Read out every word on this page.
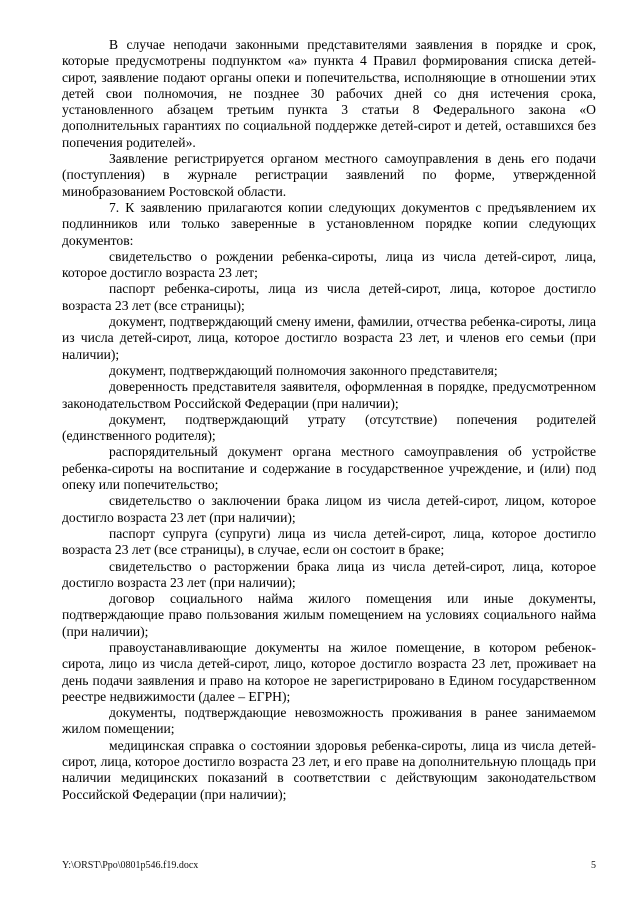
В случае неподачи законными представителями заявления в порядке и срок, которые предусмотрены подпунктом «а» пункта 4 Правил формирования списка детей-сирот, заявление подают органы опеки и попечительства, исполняющие в отношении этих детей свои полномочия, не позднее 30 рабочих дней со дня истечения срока, установленного абзацем третьим пункта 3 статьи 8 Федерального закона «О дополнительных гарантиях по социальной поддержке детей-сирот и детей, оставшихся без попечения родителей».

Заявление регистрируется органом местного самоуправления в день его подачи (поступления) в журнале регистрации заявлений по форме, утвержденной минобразованием Ростовской области.

7. К заявлению прилагаются копии следующих документов с предъявлением их подлинников или только заверенные в установленном порядке копии следующих документов:

свидетельство о рождении ребенка-сироты, лица из числа детей-сирот, лица, которое достигло возраста 23 лет;

паспорт ребенка-сироты, лица из числа детей-сирот, лица, которое достигло возраста 23 лет (все страницы);

документ, подтверждающий смену имени, фамилии, отчества ребенка-сироты, лица из числа детей-сирот, лица, которое достигло возраста 23 лет, и членов его семьи (при наличии);

документ, подтверждающий полномочия законного представителя;

доверенность представителя заявителя, оформленная в порядке, предусмотренном законодательством Российской Федерации (при наличии);

документ, подтверждающий утрату (отсутствие) попечения родителей (единственного родителя);

распорядительный документ органа местного самоуправления об устройстве ребенка-сироты на воспитание и содержание в государственное учреждение, и (или) под опеку или попечительство;

свидетельство о заключении брака лицом из числа детей-сирот, лицом, которое достигло возраста 23 лет (при наличии);

паспорт супруга (супруги) лица из числа детей-сирот, лица, которое достигло возраста 23 лет (все страницы), в случае, если он состоит в браке;

свидетельство о расторжении брака лица из числа детей-сирот, лица, которое достигло возраста 23 лет (при наличии);

договор социального найма жилого помещения или иные документы, подтверждающие право пользования жилым помещением на условиях социального найма (при наличии);

правоустанавливающие документы на жилое помещение, в котором ребенок-сирота, лицо из числа детей-сирот, лицо, которое достигло возраста 23 лет, проживает на день подачи заявления и право на которое не зарегистрировано в Едином государственном реестре недвижимости (далее – ЕГРН);

документы, подтверждающие невозможность проживания в ранее занимаемом жилом помещении;

медицинская справка о состоянии здоровья ребенка-сироты, лица из числа детей-сирот, лица, которое достигло возраста 23 лет, и его праве на дополнительную площадь при наличии медицинских показаний в соответствии с действующим законодательством Российской Федерации (при наличии);

Y:\ORST\Ppo\0801p546.f19.docx	5
